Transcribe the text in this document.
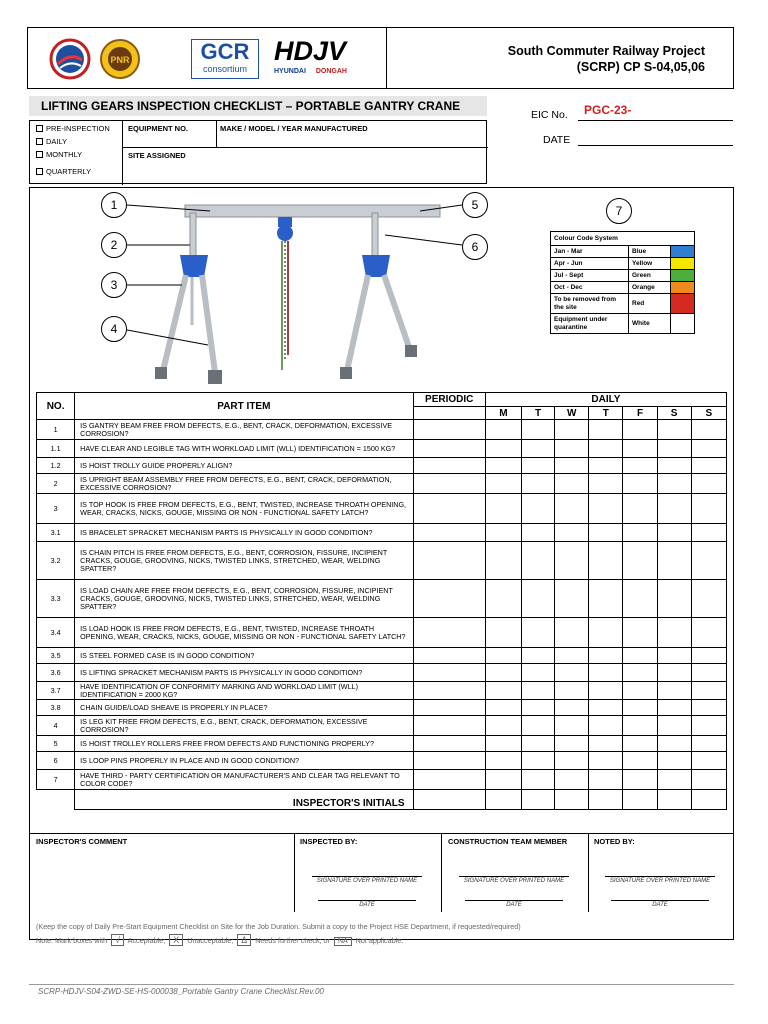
PNR	GCR
consortium
HDJV
HYUNDAI DONGAH
South Commuter Railway Project
(SCRP) CP S-04,05,06
LIFTING GEARS INSPECTION CHECKLIST – PORTABLE GANTRY CRANE
PRE-INSPECTION
DAILY
MONTHLY
QUARTERLY
EQUIPMENT NO.	MAKE / MODEL / YEAR MANUFACTURED
SITE ASSIGNED
EIC No. PGC-23-
DATE
1
2
3
4
5
6
7
Colour Code System		
Jan - Mar	Blue	
Apr - Jun	Yellow	
Jul - Sept	Green	
Oct - Dec	Orange	
To be removed from the site	Red	
Equipment under quarantine	White	
NO.	PART ITEM	PERIODIC	DAILY						
			M	T	W	T	F	S	S
1	IS GANTRY BEAM FREE FROM DEFECTS, E.G., BENT, CRACK, DEFORMATION, EXCESSIVE CORROSION?								
1.1	HAVE CLEAR AND LEGIBLE TAG WITH WORKLOAD LIMIT (WLL) IDENTIFICATION = 1500 KG?								
1.2	IS HOIST TROLLY GUIDE PROPERLY ALIGN?								
2	IS UPRIGHT BEAM ASSEMBLY FREE FROM DEFECTS, E.G., BENT, CRACK, DEFORMATION, EXCESSIVE CORROSION?								
3	IS TOP HOOK IS FREE FROM DEFECTS, E.G., BENT, TWISTED, INCREASE THROATH OPENING, WEAR, CRACKS, NICKS, GOUGE, MISSING OR NON - FUNCTIONAL SAFETY LATCH?								
3.1	IS BRACELET SPRACKET MECHANISM PARTS IS PHYSICALLY IN GOOD CONDITION?								
3.2	IS CHAIN PITCH IS FREE FROM DEFECTS, E.G., BENT, CORROSION, FISSURE, INCIPIENT CRACKS, GOUGE, GROOVING, NICKS, TWISTED LINKS, STRETCHED, WEAR, WELDING SPATTER?								
3.3	IS LOAD CHAIN ARE FREE FROM DEFECTS, E.G., BENT, CORROSION, FISSURE, INCIPIENT CRACKS, GOUGE, GROOVING, NICKS, TWISTED LINKS, STRETCHED, WEAR, WELDING SPATTER?								
3.4	IS LOAD HOOK IS FREE FROM DEFECTS, E.G., BENT, TWISTED, INCREASE THROATH OPENING, WEAR, CRACKS, NICKS, GOUGE, MISSING OR NON - FUNCTIONAL SAFETY LATCH?								
3.5	IS STEEL FORMED CASE IS IN GOOD CONDITION?								
3.6	IS LIFTING SPRACKET MECHANISM PARTS IS PHYSICALLY IN GOOD CONDITION?								
3.7	HAVE IDENTIFICATION OF CONFORMITY MARKING AND WORKLOAD LIMIT (WLL) IDENTIFICATION = 2000 KG?								
3.8	CHAIN GUIDE/LOAD SHEAVE IS PROPERLY IN PLACE?								
4	IS LEG KIT FREE FROM DEFECTS, E.G., BENT, CRACK, DEFORMATION, EXCESSIVE CORROSION?								
5	IS HOIST TROLLEY ROLLERS FREE FROM DEFECTS AND FUNCTIONING PROPERLY?								
6	IS LOOP PINS PROPERLY IN PLACE AND IN GOOD CONDITION?								
7	HAVE THIRD - PARTY CERTIFICATION OR MANUFACTURER'S AND CLEAR TAG RELEVANT TO COLOR CODE?								
	INSPECTOR'S INITIALS								
INSPECTOR'S COMMENT	INSPECTED BY:	CONSTRUCTION TEAM MEMBER	NOTED BY:
SIGNATURE OVER PRINTED NAME
DATE
SIGNATURE OVER PRINTED NAME
DATE
SIGNATURE OVER PRINTED NAME
DATE
(Keep the copy of Daily Pre-Start Equipment Checklist on Site for the Job Duration. Submit a copy to the Project HSE Department, if requested/required)
Note: Mark boxes with √ Acceptable; X Unacceptable; Δ Needs further check; or NA Not applicable.
SCRP-HDJV-S04-ZWD-SE-HS-000038_Portable Gantry Crane Checklist.Rev.00
